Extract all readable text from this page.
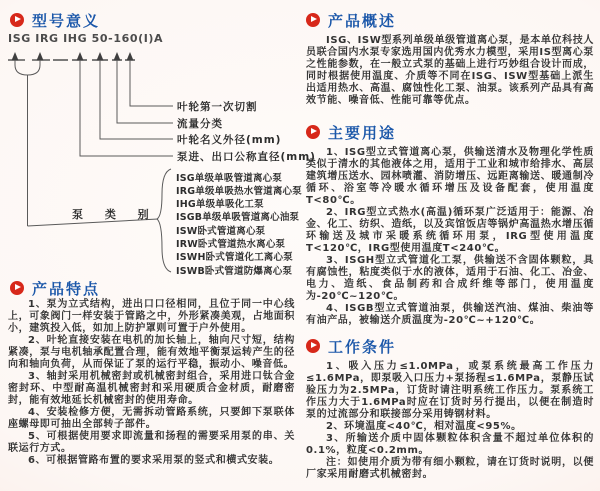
型号意义
ISG IRG IHG 50-160(I)A
叶轮第一次切割
流量分类
叶轮名义外径(mm)
泵进、出口公称直径(mm)
泵 类 别
ISG单级单吸管道离心泵
IRG单级单吸热水管道离心泵
IHG单级单吸化工泵
ISGB单级单吸管道离心油泵
ISW卧式管道离心泵
IRW卧式管道热水离心泵
ISWH卧式管道化工离心泵
ISWB卧式管道防爆离心泵
产品特点

1、泵为立式结构，进出口口径相同，且位于同一中心线上，可象阀门一样安装于管路之中，外形紧凑美观，占地面积小，建筑投入低，如加上防护罩则可置于户外使用。

2、叶轮直接安装在电机的加长轴上，轴向尺寸短，结构紧凑，泵与电机轴承配置合理，能有效地平衡泵运转产生的径向和轴向负荷，从而保证了泵的运行平稳，振动小、噪音低。

3、轴封采用机械密封或机械密封组合，采用进口钛合金密封环、中型耐高温机械密封和采用硬质合金材质，耐磨密封，能有效地延长机械密封的使用寿命。

4、安装检修方便，无需拆动管路系统，只要卸下泵联体座螺母即可抽出全部转子部件。

5、可根据使用要求即流量和扬程的需要采用泵的串、关联运行方式。

6、可根据管路布置的要求采用泵的竖式和横式安装。

产品概述

ISG、ISW型系列单级单级管道离心泵，是本单位科技人员联合国内水泵专家选用国内优秀水力模型，采用IS型离心泵之性能参数，在一般立式泵的基础上进行巧妙组合设计而成，同时根据使用温度、介质等不同在ISG、ISW型基础上派生出适用热水、高温、腐蚀性化工泵、油泵。该系列产品具有高效节能、噪音低、性能可靠等优点。

主要用途

1、ISG型立式管道离心泵，供输送清水及物理化学性质类似于清水的其他液体之用，适用于工业和城市给排水、高层建筑增压送水、园林喷灌、消防增压、远距离输送、暖通制冷循环、浴室等冷暖水循环增压及设备配套，使用温度T<80℃。

2、IRG型立式热水(高温)循环泵广泛适用于：能源、冶金、化工、纺织、造纸，以及宾馆饭店等锅炉高温热水增压循环输送及城市采暖系统循环用泵，IRG型使用温度T<120℃，IRG型使用温度T<240℃。

3、ISGH型立式管道化工泵，供输送不含固体颗粒，具有腐蚀性，粘度类似于水的液体，适用于石油、化工、冶金、电力、造纸、食品制药和合成纤维等部门，使用温度为-20℃~120℃。

4、ISGB型立式管道油泵，供输送汽油、煤油、柴油等有油产品，被输送介质温度为-20℃~+120℃。

工作条件

1、吸入压力≤1.0MPa，或泵系统最高工作压力≤1.6MPa，即泵吸入口压力+泵扬程≤1.6MPa，泵静压试验压力为2.5MPa，订货时请注明系统工作压力。泵系统工作压力大于1.6MPa时应在订货时另行提出，以便在制造时泵的过流部分和联接部分采用铸钢材料。

2、环境温度<40℃，相对温度<95%。

3、所输送介质中固体颗粒体积含量不超过单位体积的0.1%，粒度<0.2mm。

注：如使用介质为带有细小颗粒，请在订货时说明，以便厂家采用耐磨式机械密封。
